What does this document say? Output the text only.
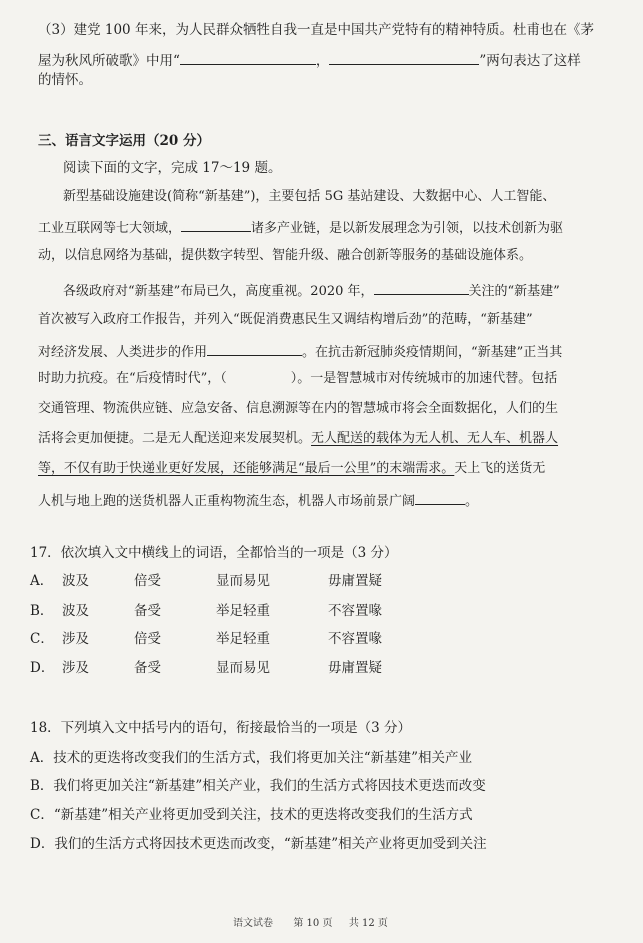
（3）建党 100 年来，为人民群众牺牲自我一直是中国共产党特有的精神特质。杜甫也在《茅
屋为秋风所破歌》中用“	，	”两句表达了这样
的情怀。
三、语言文字运用（20 分）
阅读下面的文字，完成 17～19 题。
新型基础设施建设(简称“新基建”)，主要包括 5G 基站建设、大数据中心、人工智能、
工业互联网等七大领域，	诸多产业链，是以新发展理念为引领，以技术创新为驱
动，以信息网络为基础，提供数字转型、智能升级、融合创新等服务的基础设施体系。
各级政府对“新基建”布局已久，高度重视。2020 年，	关注的“新基建”
首次被写入政府工作报告，并列入“既促消费惠民生又调结构增后劲”的范畴，“新基建”
对经济发展、人类进步的作用	。在抗击新冠肺炎疫情期间，“新基建”正当其
时助力抗疫。在“后疫情时代”，（	）。一是智慧城市对传统城市的加速代替。包括
交通管理、物流供应链、应急安备、信息溯源等在内的智慧城市将会全面数据化，人们的生
活将会更加便捷。二是无人配送迎来发展契机。无人配送的载体为无人机、无人车、机器人
等，不仅有助于快递业更好发展，还能够满足“最后一公里”的末端需求。天上飞的送货无
人机与地上跑的送货机器人正重构物流生态，机器人市场前景广阔	。
17．依次填入文中横线上的词语，全都恰当的一项是（3 分）
A． 波及	倍受	显而易见	毋庸置疑
B． 波及	备受	举足轻重	不容置喙
C． 涉及	倍受	举足轻重	不容置喙
D． 涉及	备受	显而易见	毋庸置疑
18．下列填入文中括号内的语句，衔接最恰当的一项是（3 分）
A．技术的更迭将改变我们的生活方式，我们将更加关注“新基建”相关产业
B．我们将更加关注“新基建”相关产业，我们的生活方式将因技术更迭而改变
C．“新基建”相关产业将更加受到关注，技术的更迭将改变我们的生活方式
D．我们的生活方式将因技术更迭而改变，“新基建”相关产业将更加受到关注
语文试卷 第 10 页 共 12 页
